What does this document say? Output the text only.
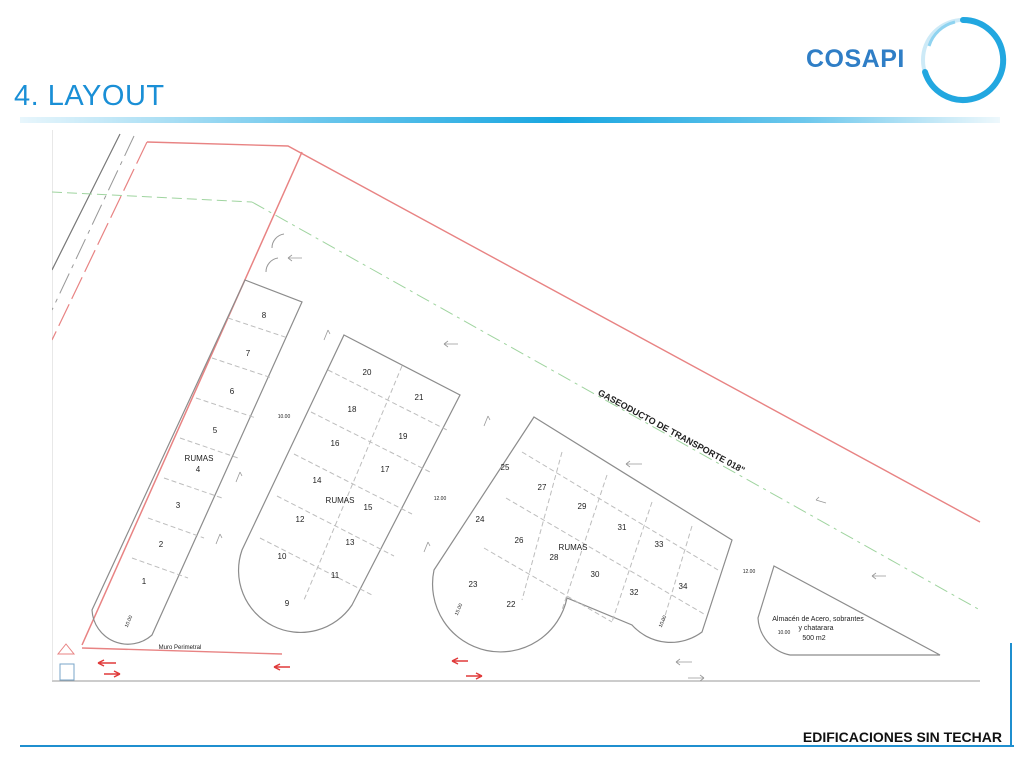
4. LAYOUT
COSAPI
8
7
6
5
4
RUMAS
3
2
1
10.00
20
21
18
19
16
17
14
RUMAS
15
12
13
10
11
9
10.00
25
27
29
31
33
24
26
RUMAS
28
30
32
34
23
22
12.00
15.00
10.00
12.00
Almacén de Acero, sobrantes
y chatarara
500 m2
10.00
GASEODUCTO DE TRANSPORTE 018"
Muro Perimetral
EDIFICACIONES SIN TECHAR
